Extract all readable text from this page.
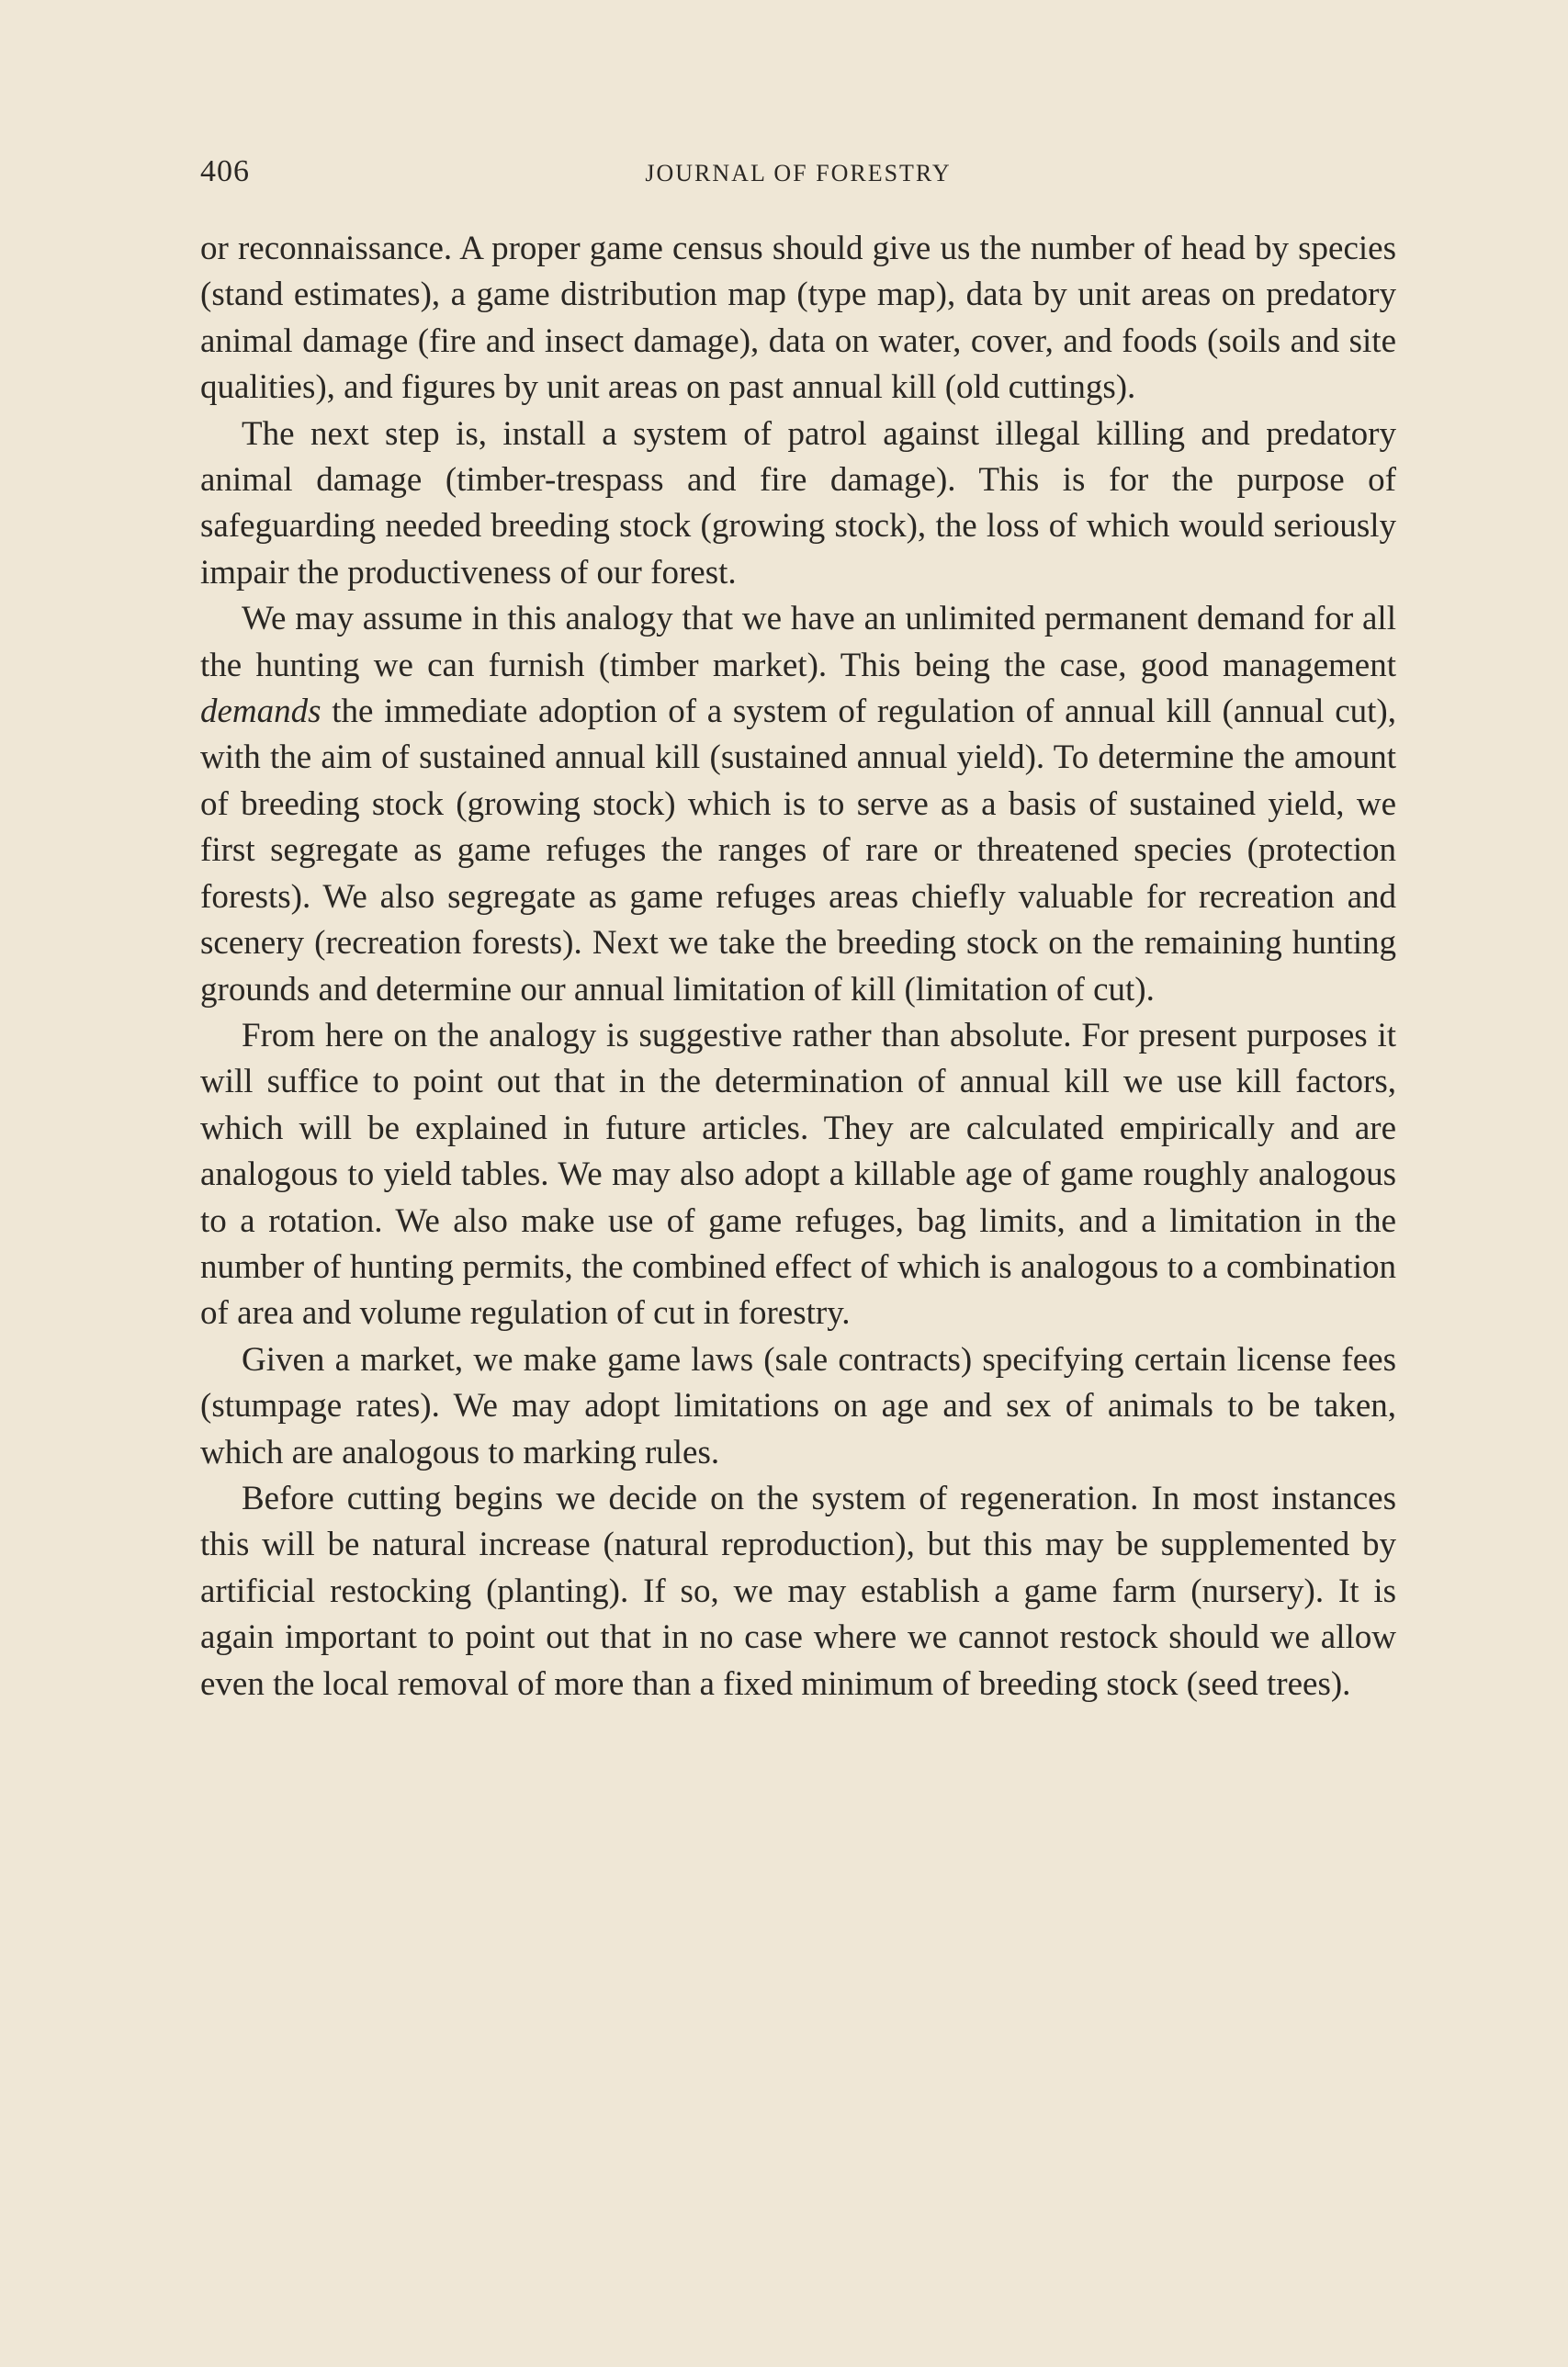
406	JOURNAL OF FORESTRY

or reconnaissance. A proper game census should give us the number of head by species (stand estimates), a game distribution map (type map), data by unit areas on predatory animal damage (fire and insect damage), data on water, cover, and foods (soils and site qualities), and figures by unit areas on past annual kill (old cuttings).

The next step is, install a system of patrol against illegal killing and predatory animal damage (timber-trespass and fire damage). This is for the purpose of safeguarding needed breeding stock (growing stock), the loss of which would seriously impair the productiveness of our forest.

We may assume in this analogy that we have an unlimited permanent demand for all the hunting we can furnish (timber market). This being the case, good management demands the immediate adoption of a system of regulation of annual kill (annual cut), with the aim of sustained annual kill (sustained annual yield). To determine the amount of breeding stock (growing stock) which is to serve as a basis of sustained yield, we first segregate as game refuges the ranges of rare or threatened species (protection forests). We also segregate as game refuges areas chiefly valuable for recreation and scenery (recreation forests). Next we take the breeding stock on the remaining hunting grounds and determine our annual limitation of kill (limitation of cut).

From here on the analogy is suggestive rather than absolute. For present purposes it will suffice to point out that in the determination of annual kill we use kill factors, which will be explained in future articles. They are calculated empirically and are analogous to yield tables. We may also adopt a killable age of game roughly analogous to a rotation. We also make use of game refuges, bag limits, and a limitation in the number of hunting permits, the combined effect of which is analogous to a combination of area and volume regulation of cut in forestry.

Given a market, we make game laws (sale contracts) specifying certain license fees (stumpage rates). We may adopt limitations on age and sex of animals to be taken, which are analogous to marking rules.

Before cutting begins we decide on the system of regeneration. In most instances this will be natural increase (natural reproduction), but this may be supplemented by artificial restocking (planting). If so, we may establish a game farm (nursery). It is again important to point out that in no case where we cannot restock should we allow even the local removal of more than a fixed minimum of breeding stock (seed trees).
